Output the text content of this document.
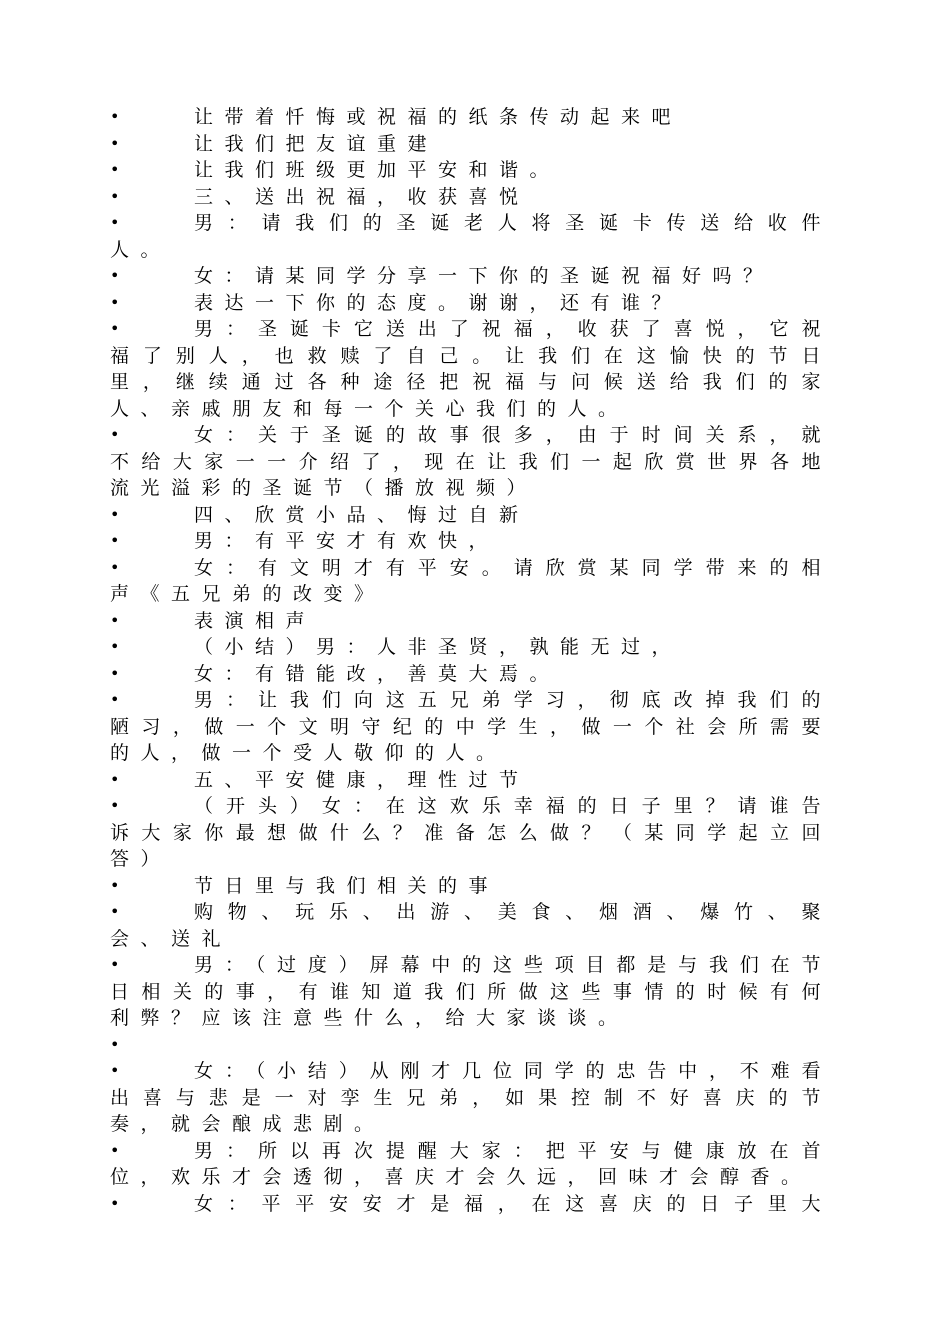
•	让带着忏悔或祝福的纸条传动起来吧

•	让我们把友谊重建

•	让我们班级更加平安和谐。

•	三、送出祝福，收获喜悦

•	男：请我们的圣诞老人将圣诞卡传送给收件人。

•	女：请某同学分享一下你的圣诞祝福好吗？

•	表达一下你的态度。谢谢，还有谁？

•	男：圣诞卡它送出了祝福，收获了喜悦，它祝福了别人，也救赎了自己。让我们在这愉快的节日里，继续通过各种途径把祝福与问候送给我们的家人、亲戚朋友和每一个关心我们的人。

•	女：关于圣诞的故事很多，由于时间关系，就不给大家一一介绍了，现在让我们一起欣赏世界各地流光溢彩的圣诞节（播放视频）

•	四、欣赏小品、悔过自新

•	男：有平安才有欢快，

•	女：有文明才有平安。请欣赏某同学带来的相声《五兄弟的改变》

•	表演相声

•	（小结）男：人非圣贤，孰能无过，

•	女：有错能改，善莫大焉。

•	男：让我们向这五兄弟学习，彻底改掉我们的陋习，做一个文明守纪的中学生，做一个社会所需要的人，做一个受人敬仰的人。

•	五、平安健康，理性过节

•	（开头）女：在这欢乐幸福的日子里？请谁告诉大家你最想做什么？准备怎么做？（某同学起立回答）

•	节日里与我们相关的事

•	购物、玩乐、出游、美食、烟酒、爆竹、聚会、送礼

•	男：（过度）屏幕中的这些项目都是与我们在节日相关的事，有谁知道我们所做这些事情的时候有何利弊？应该注意些什么，给大家谈谈。

•

•	女：（小结）从刚才几位同学的忠告中，不难看出喜与悲是一对孪生兄弟，如果控制不好喜庆的节奏，就会酿成悲剧。

•	男：所以再次提醒大家：把平安与健康放在首位，欢乐才会透彻，喜庆才会久远，回味才会醇香。

•	女：平平安安才是福，在这喜庆的日子里大
